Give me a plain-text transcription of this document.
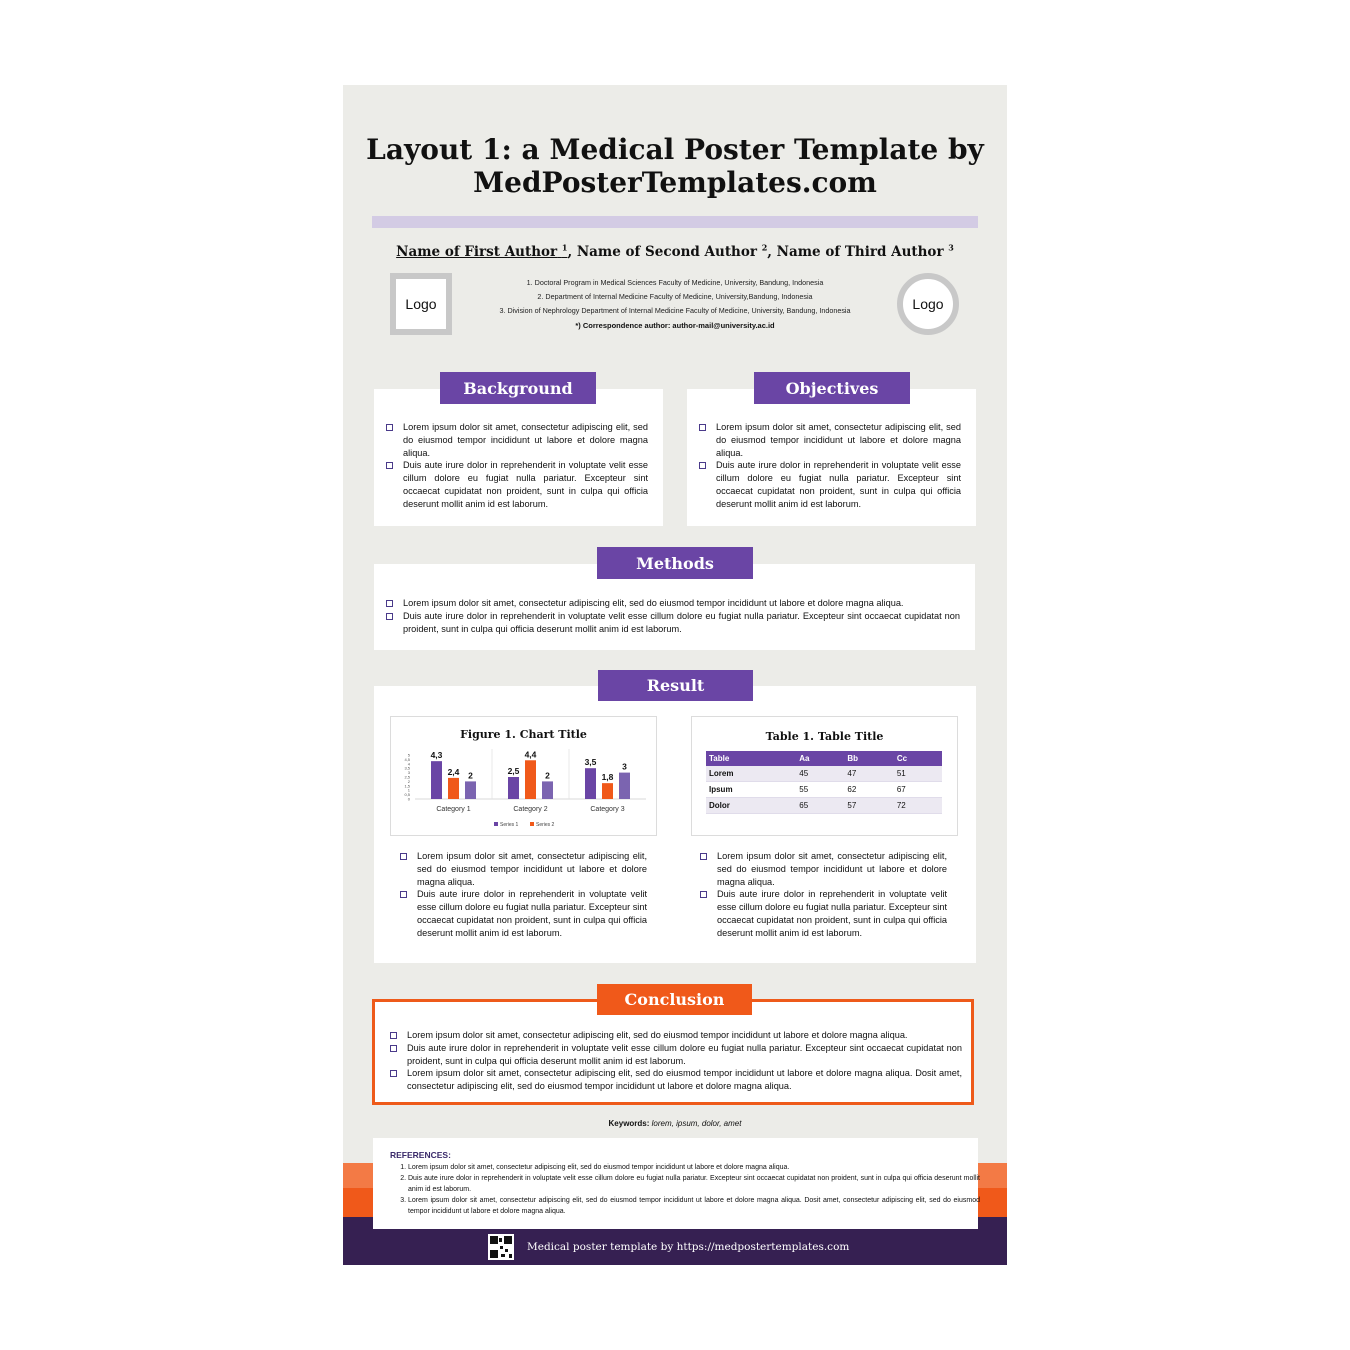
Layout 1: a Medical Poster Template by
MedPosterTemplates.com
Name of First Author $^1$, Name of Second Author $^2$, Name of Third Author $^3$
Logo	Logo
1. Doctoral Program in Medical Sciences Faculty of Medicine, University, Bandung, Indonesia
2. Department of Internal Medicine Faculty of Medicine, University,Bandung, Indonesia
3. Division of Nephrology Department of Internal Medicine Faculty of Medicine, University, Bandung, Indonesia
*) Correspondence author: author-mail@university.ac.id
Lorem ipsum dolor sit amet, consectetur adipiscing elit, sed do eiusmod tempor incididunt ut labore et dolore magna aliqua.
Duis aute irure dolor in reprehenderit in voluptate velit esse cillum dolore eu fugiat nulla pariatur. Excepteur sint occaecat cupidatat non proident, sunt in culpa qui officia deserunt mollit anim id est laborum.
Background
Lorem ipsum dolor sit amet, consectetur adipiscing elit, sed do eiusmod tempor incididunt ut labore et dolore magna aliqua.
Duis aute irure dolor in reprehenderit in voluptate velit esse cillum dolore eu fugiat nulla pariatur. Excepteur sint occaecat cupidatat non proident, sunt in culpa qui officia deserunt mollit anim id est laborum.
Objectives
Lorem ipsum dolor sit amet, consectetur adipiscing elit, sed do eiusmod tempor incididunt ut labore et dolore magna aliqua.
Duis aute irure dolor in reprehenderit in voluptate velit esse cillum dolore eu fugiat nulla pariatur. Excepteur sint occaecat cupidatat non proident, sunt in culpa qui officia deserunt mollit anim id est laborum.
Methods
Figure 1. Chart Title
0
0,5
1
1,5
2
2,5
3
3,5
4
4,5
5 4,3
2,4 2
Category 1
2,5
4,4
2
Category 2
3,5
1,8
3
Category 3
Series 1	Series 2
Table 1. Table Title
Table	Aa	Bb	Cc
Lorem	45	47	51
Ipsum	55	62	67
Dolor	65	57	72
Lorem ipsum dolor sit amet, consectetur adipiscing elit, sed do eiusmod tempor incididunt ut labore et dolore magna aliqua.
Duis aute irure dolor in reprehenderit in voluptate velit esse cillum dolore eu fugiat nulla pariatur. Excepteur sint occaecat cupidatat non proident, sunt in culpa qui officia deserunt mollit anim id est laborum.
Lorem ipsum dolor sit amet, consectetur adipiscing elit, sed do eiusmod tempor incididunt ut labore et dolore magna aliqua.
Duis aute irure dolor in reprehenderit in voluptate velit esse cillum dolore eu fugiat nulla pariatur. Excepteur sint occaecat cupidatat non proident, sunt in culpa qui officia deserunt mollit anim id est laborum.
Result
Lorem ipsum dolor sit amet, consectetur adipiscing elit, sed do eiusmod tempor incididunt ut labore et dolore magna aliqua.
Duis aute irure dolor in reprehenderit in voluptate velit esse cillum dolore eu fugiat nulla pariatur. Excepteur sint occaecat cupidatat non proident, sunt in culpa qui officia deserunt mollit anim id est laborum.
Lorem ipsum dolor sit amet, consectetur adipiscing elit, sed do eiusmod tempor incididunt ut labore et dolore magna aliqua. Dosit amet, consectetur adipiscing elit, sed do eiusmod tempor incididunt ut labore et dolore magna aliqua.
Conclusion
Keywords: lorem, ipsum, dolor, amet
REFERENCES:
1. Lorem ipsum dolor sit amet, consectetur adipiscing elit, sed do eiusmod tempor incididunt ut labore et dolore magna aliqua.
2. Duis aute irure dolor in reprehenderit in voluptate velit esse cillum dolore eu fugiat nulla pariatur. Excepteur sint occaecat cupidatat non proident, sunt in culpa qui officia deserunt mollit anim id est laborum.
3. Lorem ipsum dolor sit amet, consectetur adipiscing elit, sed do eiusmod tempor incididunt ut labore et dolore magna aliqua. Dosit amet, consectetur adipiscing elit, sed do eiusmod tempor incididunt ut labore et dolore magna aliqua.
Medical poster template by https://medpostertemplates.com
